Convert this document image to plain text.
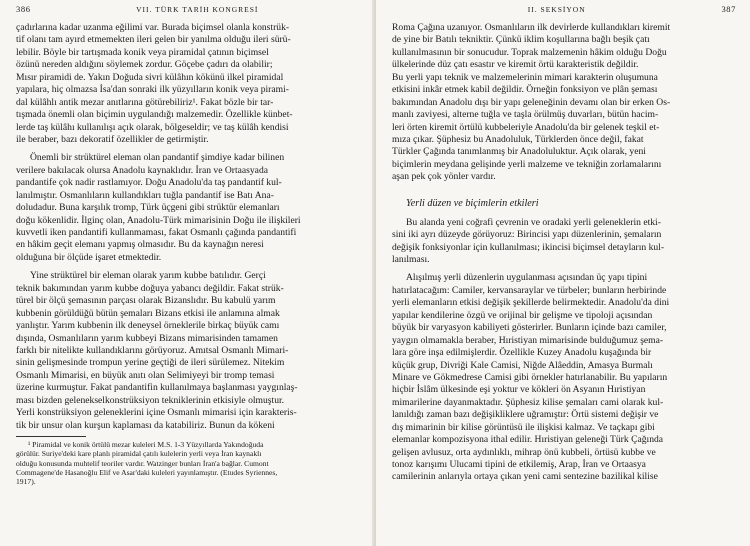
386	VII. TÜRK TARİH KONGRESİ
çadırlarına kadar uzanma eğilimi var. Burada biçimsel olanla konstrük-
tif olanı tam ayırd etmemekten ileri gelen bir yanılma olduğu ileri sürü-
lebilir. Böyle bir tartışmada konik veya piramidal çatının biçimsel
özünü nereden aldığını söylemek zordur. Göçebe çadırı da olabilir;
Mısır piramidi de. Yakın Doğuda sivri külâhın kökünü ilkel piramidal
yapılara, hiç olmazsa İsa'dan sonraki ilk yüzyılların konik veya pirami-
dal külâhlı antik mezar anıtlarına götürebiliriz¹. Fakat bözle bir tar-
tışmada önemli olan biçimin uygulandığı malzemedir. Özellikle künbet-
lerde taş külâhı kullanılışı açık olarak, bölgeseldir; ve taş külâh kendisi
ile beraber, bazı dekoratif özellikler de getirmiştir.
Önemli bir strüktürel eleman olan pandantif şimdiye kadar bilinen
verilere bakılacak olursa Anadolu kaynaklıdır. İran ve Ortaasyada
pandantife çok nadir rastlamıyor. Doğu Anadolu'da taş pandantif kul-
lanılmıştır. Osmanlıların kullandıkları tuğla pandantif ise Batı Ana-
doludadur. Buna karşılık tromp, Türk üçgeni gibi strüktür elemanları
doğu kökenlidir. İlginç olan, Anadolu-Türk mimarisinin Doğu ile ilişkileri
kuvvetli iken pandantifi kullanmaması, fakat Osmanlı çağında pandantifi
en hâkim geçit elemanı yapmış olmasıdır. Bu da kaynağın neresi
olduğuna bir ölçüde işaret etmektedir.
Yine strüktürel bir eleman olarak yarım kubbe batılıdır. Gerçi
teknik bakımından yarım kubbe doğuya yabancı değildir. Fakat strük-
türel bir ölçü şemasının parçası olarak Bizanslıdır. Bu kabulü yarım
kubbenin görüldüğü bütün şemaları Bizans etkisi ile anlamına almak
yanlıştır. Yarım kubbenin ilk deneysel örneklerile birkaç büyük camı
dışında, Osmanlıların yarım kubbeyi Bizans mimarisinden tamamen
farklı bir nitelikte kullandıklarını görüyoruz. Amıtsal Osmanlı Mimari-
sinin gelişmesinde trompun yerine geçtiği de ileri sürülemez. Nitekim
Osmanlı Mimarisi, en büyük anıtı olan Selimiyeyi bir tromp temasi
üzerine kurmuştur. Fakat pandantifin kullanılmaya başlanması yaygınlaş-
ması bizden gelenekselkonstrüksiyon tekniklerinin etkisiyle olmuştur.
Yerli konstrüksiyon geleneklerini içine Osmanlı mimarisi için karakteris-
tik bir unsur olan kurşun kaplaması da katabiliriz. Bunun da kökeni
¹ Piramidal ve konik örtülü mezar kuleleri M.S. 1-3 Yüzyıllarda Yakındoğuda
görülür. Suriye'deki kare planlı piramidal çatılı kulelerin yerli veya İran kaynaklı
olduğu konusunda muhtelif teoriler vardır. Watzinger bunları İran'a bağlar. Cumont
Commagene'de Hasanoğlu Elif ve Asar'daki kuleleri yayınlamıştır. (Etudes Syriennes,
1917).
II. SEKSİYON	387
Roma Çağına uzanıyor. Osmanlıların ilk devirlerde kullandıkları kiremit
de yine bir Batılı tekniktir. Çünkü iklim koşullarına bağlı beşik çatı
kullanılmasının bir sonucudur. Toprak malzemenin hâkim olduğu Doğu
ülkelerinde düz çatı esastır ve kiremit örtü karakteristik değildir.
Bu yerli yapı teknik ve malzemelerinin mimari karakterin oluşumuna
etkisini inkâr etmek kabil değildir. Örneğin fonksiyon ve plân şeması
bakımından Anadolu dışı bir yapı geleneğinin devamı olan bir erken Os-
manlı zaviyesi, alterne tuğla ve taşla örülmüş duvarları, bütün hacim-
leri örten kiremit örtülü kubbeleriyle Anadolu'da bir gelenek teşkil et-
mıza çıkar. Şüphesiz bu Anadoluluk, Türklerden önce değil, fakat
Türkler Çağında tanımlanmış bir Anadoluluktur. Açık olarak, yeni
biçimlerin meydana gelişinde yerli malzeme ve tekniğin zorlamalarını
aşan pek çok yönler vardır.
Yerli düzen ve biçimlerin etkileri
Bu alanda yeni coğrafi çevrenin ve oradaki yerli geleneklerin etki-
sini iki ayrı düzeyde görüyoruz: Birincisi yapı düzenlerinin, şemaların
değişik fonksiyonlar için kullanılması; ikincisi biçimsel detayların kul-
lanılması.
Alışılmış yerli düzenlerin uygulanması açısından üç yapı tipini
hatırlatacağım: Camiler, kervansaraylar ve türbeler; bunların herbirinde
yerli elemanların etkisi değişik şekillerde belirmektedir. Anadolu'da dini
yapılar kendilerine özgü ve orijinal bir gelişme ve tipoloji açısından
büyük bir varyasyon kabiliyeti gösterirler. Bunların içinde bazı camiler,
yaygın olmamakla beraber, Hıristiyan mimarisinde bulduğumuz şema-
lara göre inşa edilmişlerdir. Özellikle Kuzey Anadolu kuşağında bir
küçük grup, Divriği Kale Camisi, Niğde Alâeddin, Amasya Burmalı
Minare ve Gökmedrese Camisi gibi örnekler hatırlanabilir. Bu yapıların
hiçbir İslâm ülkesinde eşi yoktur ve kökleri ön Asyanın Hıristiyan
mimarilerine dayanmaktadır. Şüphesiz kilise şemaları cami olarak kul-
lanıldığı zaman bazı değişikliklere uğramıştır: Örtü sistemi değişir ve
dış mimarinin bir kilise görüntüsü ile ilişkisi kalmaz. Ve taçkapı gibi
elemanlar kompozisyona ithal edilir. Hıristiyan geleneği Türk Çağında
gelişen avlusuz, orta aydınlıklı, mihrap önü kubbeli, örtüsü kubbe ve
tonoz karışımı Ulucami tipini de etkilemiş, Arap, İran ve Ortaasya
camilerinin anlarıyla ortaya çıkan yeni cami sentezine bazilikal kilise
